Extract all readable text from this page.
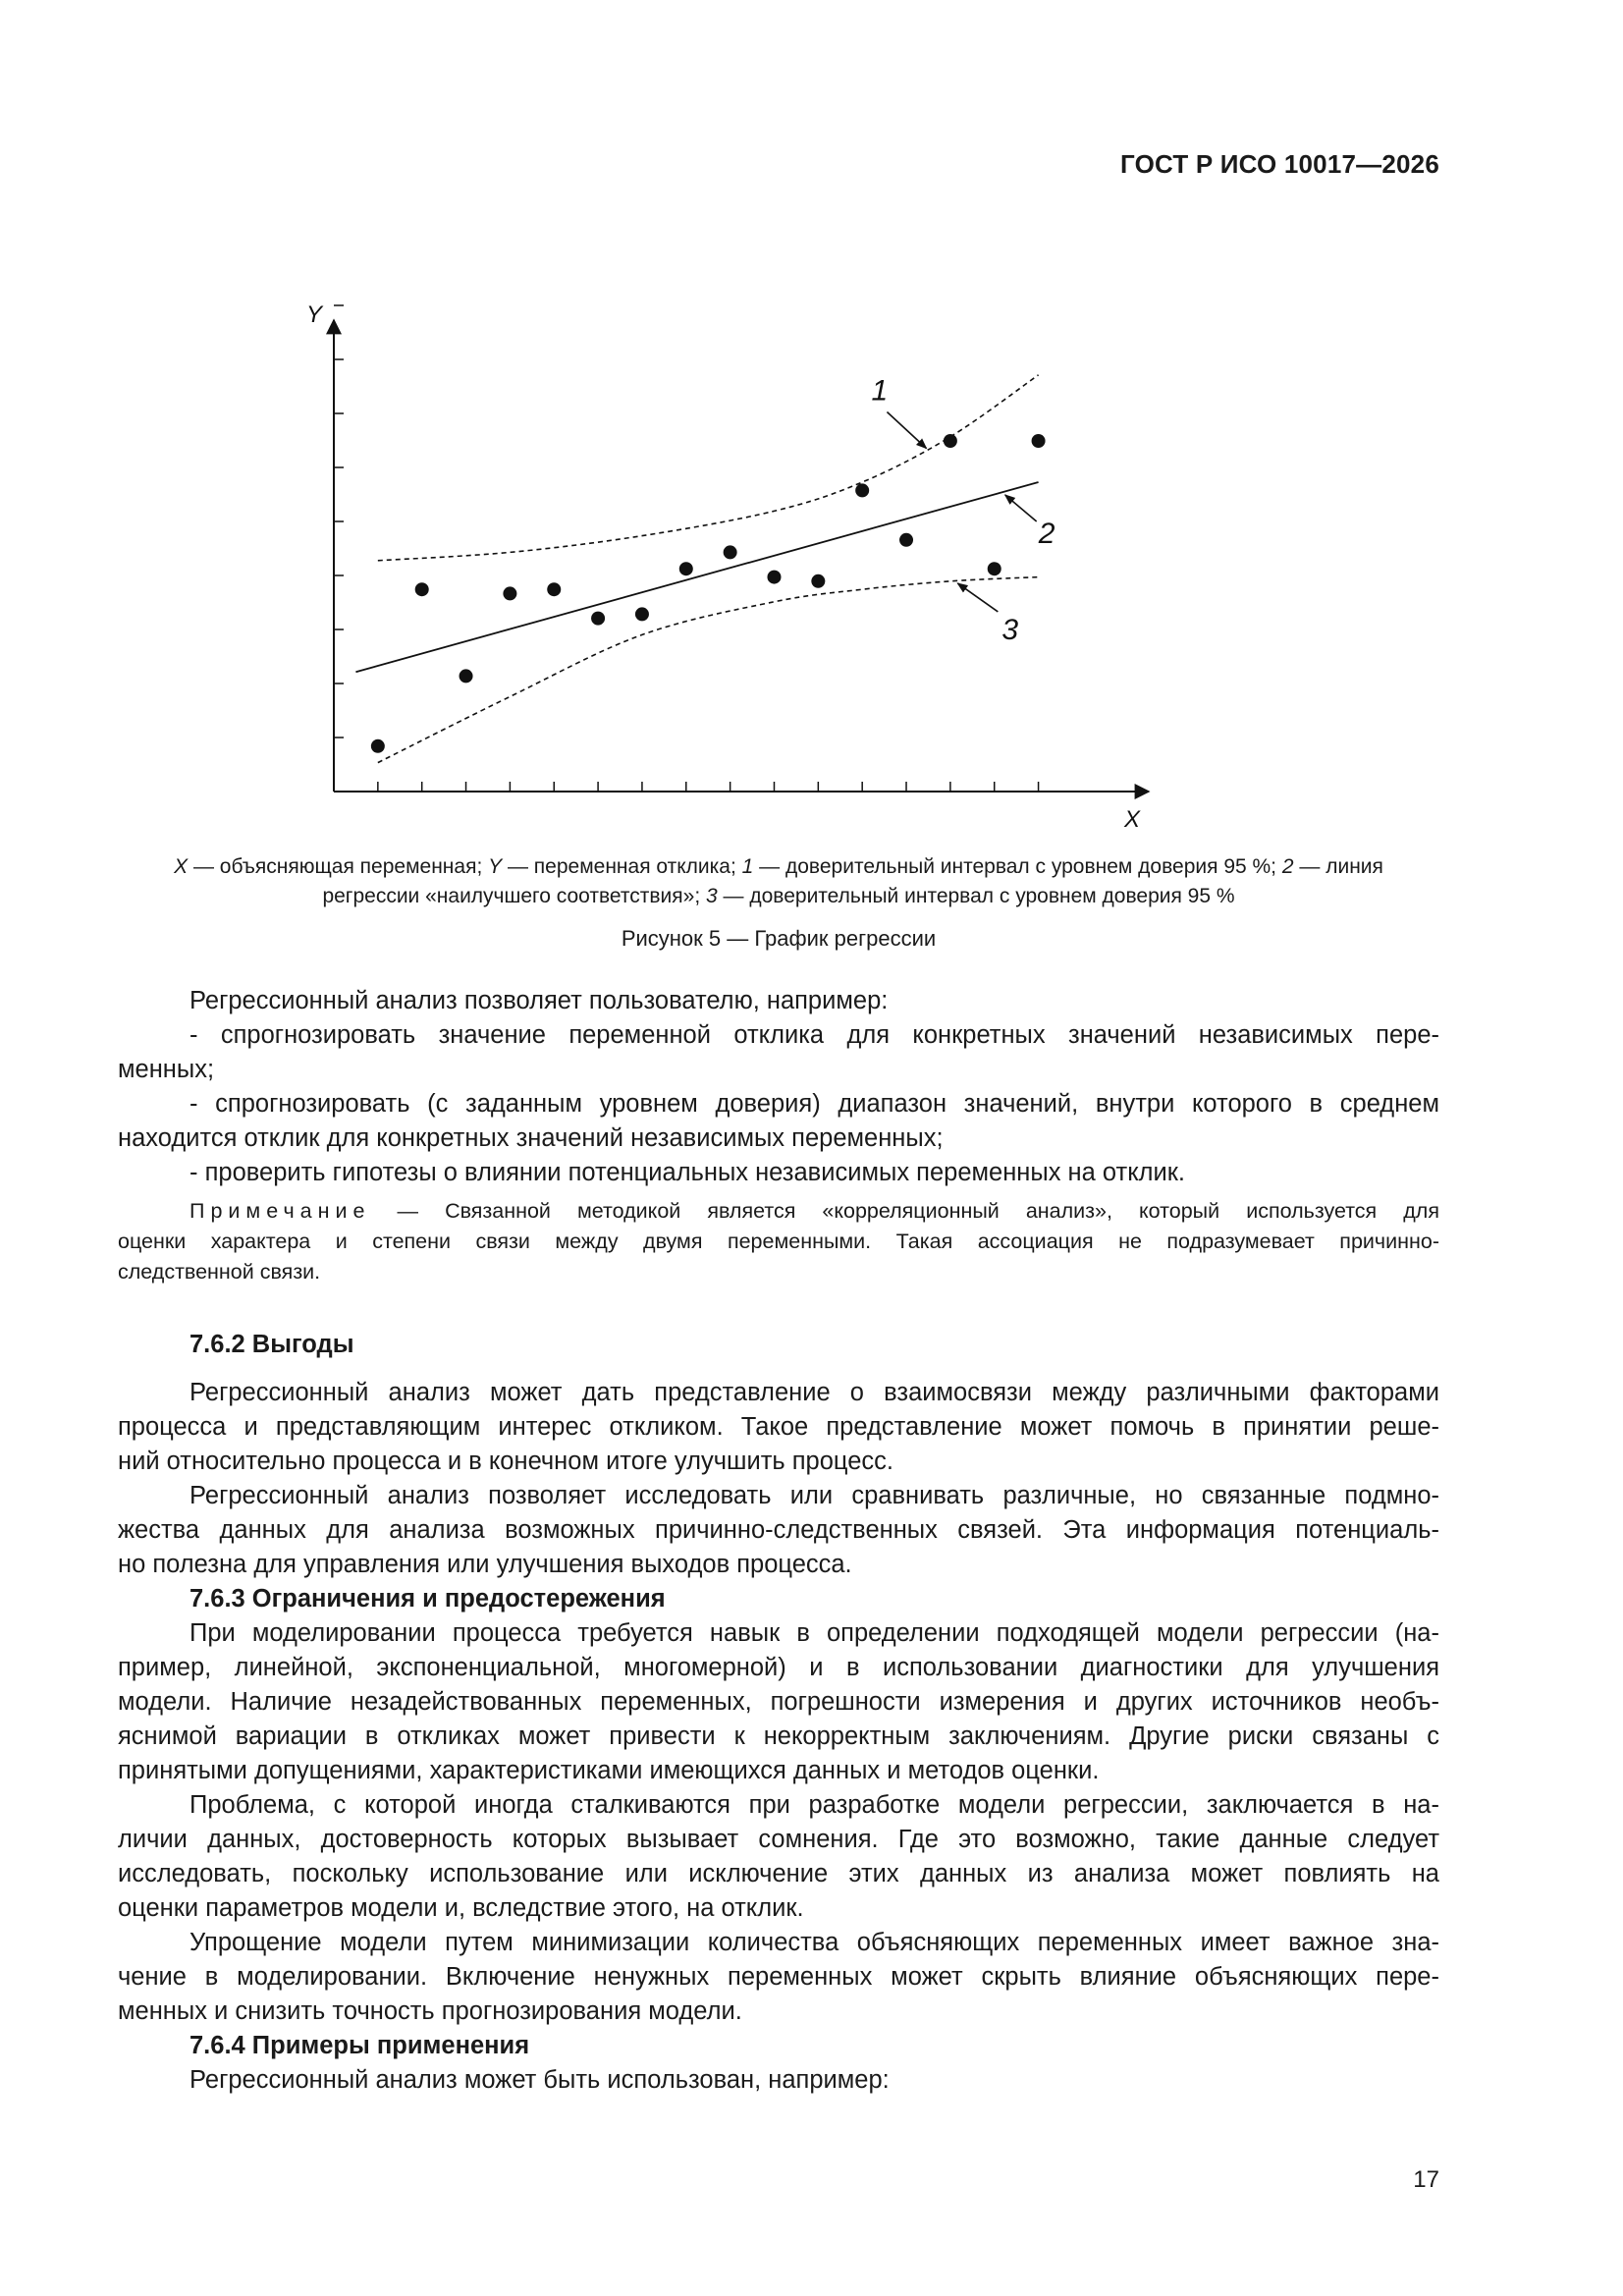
ГОСТ Р ИСО 10017—2026
Y
X
1
2
3
X — объясняющая переменная; Y — переменная отклика; 1 — доверительный интервал с уровнем доверия 95 %; 2 — линия
регрессии «наилучшего соответствия»; 3 — доверительный интервал с уровнем доверия 95 %
Рисунок 5 — График регрессии
Регрессионный анализ позволяет пользователю, например:
- спрогнозировать значение переменной отклика для конкретных значений независимых пере-
менных;
- спрогнозировать (с заданным уровнем доверия) диапазон значений, внутри которого в среднем
находится отклик для конкретных значений независимых переменных;
- проверить гипотезы о влиянии потенциальных независимых переменных на отклик.
Примечание — Связанной методикой является «корреляционный анализ», который используется для
оценки характера и степени связи между двумя переменными. Такая ассоциация не подразумевает причинно-
следственной связи.
7.6.2 Выгоды
Регрессионный анализ может дать представление о взаимосвязи между различными факторами
процесса и представляющим интерес откликом. Такое представление может помочь в принятии реше-
ний относительно процесса и в конечном итоге улучшить процесс.
Регрессионный анализ позволяет исследовать или сравнивать различные, но связанные подмно-
жества данных для анализа возможных причинно-следственных связей. Эта информация потенциаль-
но полезна для управления или улучшения выходов процесса.
7.6.3 Ограничения и предостережения
При моделировании процесса требуется навык в определении подходящей модели регрессии (на-
пример, линейной, экспоненциальной, многомерной) и в использовании диагностики для улучшения
модели. Наличие незадействованных переменных, погрешности измерения и других источников необъ-
яснимой вариации в откликах может привести к некорректным заключениям. Другие риски связаны с
принятыми допущениями, характеристиками имеющихся данных и методов оценки.
Проблема, с которой иногда сталкиваются при разработке модели регрессии, заключается в на-
личии данных, достоверность которых вызывает сомнения. Где это возможно, такие данные следует
исследовать, поскольку использование или исключение этих данных из анализа может повлиять на
оценки параметров модели и, вследствие этого, на отклик.
Упрощение модели путем минимизации количества объясняющих переменных имеет важное зна-
чение в моделировании. Включение ненужных переменных может скрыть влияние объясняющих пере-
менных и снизить точность прогнозирования модели.
7.6.4 Примеры применения
Регрессионный анализ может быть использован, например:
17
